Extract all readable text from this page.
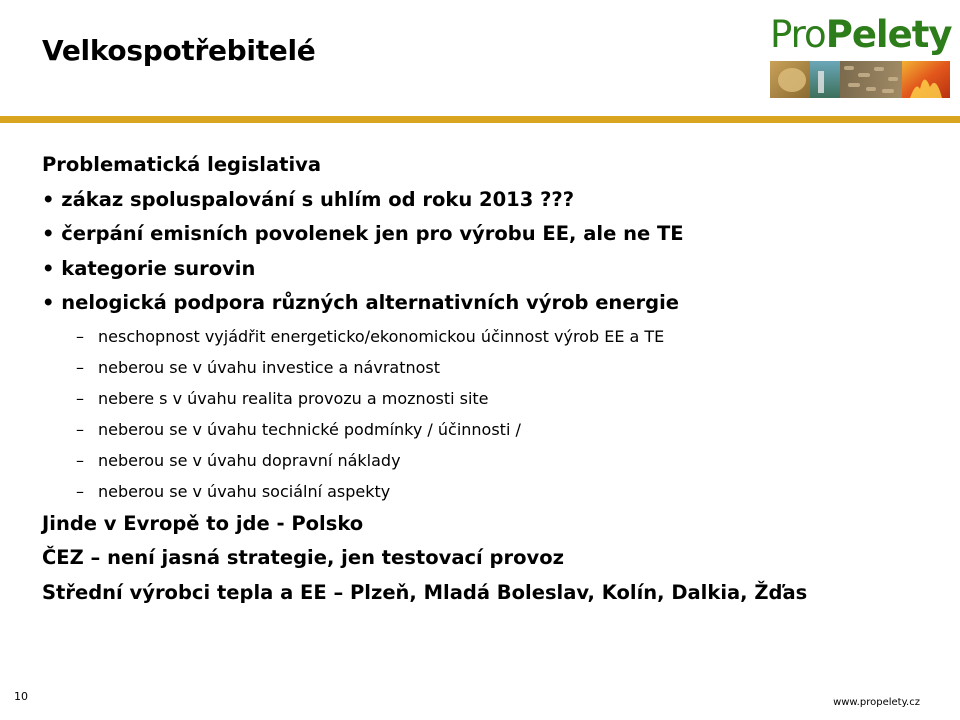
Velkospotřebitelé	ProPelety
Problematická legislativa
• zákaz spoluspalování s uhlím od roku 2013 ???
• čerpání emisních povolenek jen pro výrobu EE, ale ne TE
• kategorie surovin
• nelogická podpora různých alternativních výrob energie
– neschopnost vyjádřit energeticko/ekonomickou účinnost výrob EE a TE
– neberou se v úvahu investice a návratnost
– nebere s v úvahu realita provozu a moznosti site
– neberou se v úvahu technické podmínky / účinnosti /
– neberou se v úvahu dopravní náklady
– neberou se v úvahu sociální aspekty
Jinde v Evropě to jde - Polsko
ČEZ – není jasná strategie, jen testovací provoz
Střední výrobci tepla a EE – Plzeň, Mladá Boleslav, Kolín, Dalkia, Žďas
10	www.propelety.cz
